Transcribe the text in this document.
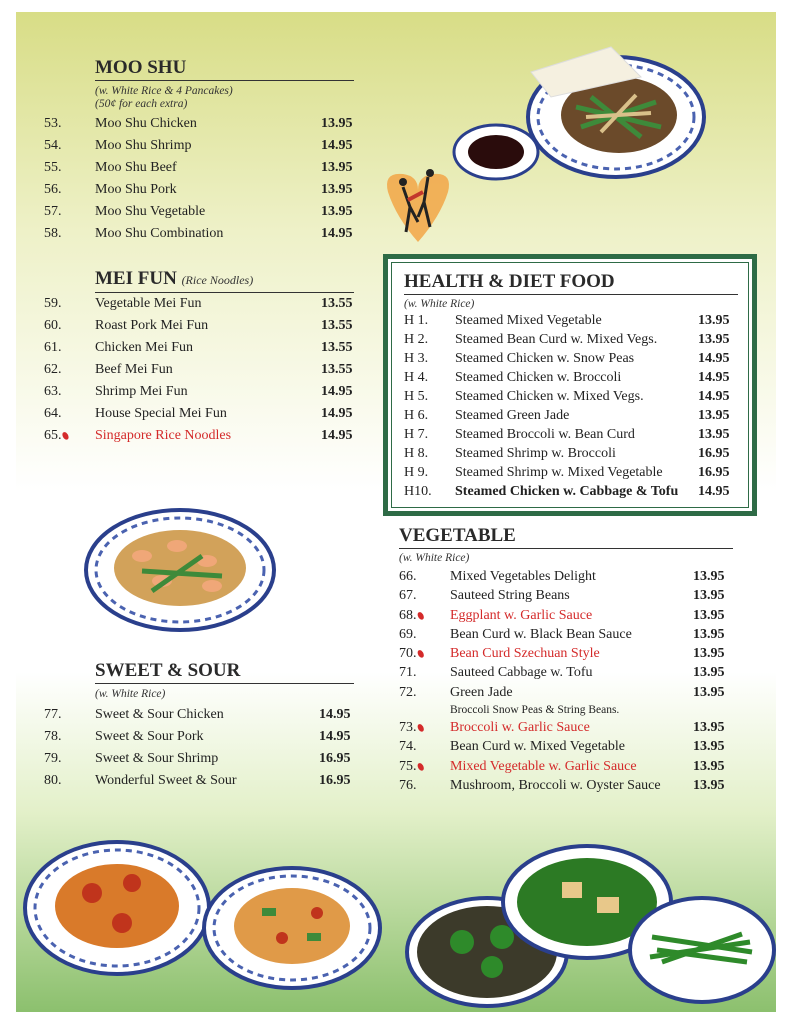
MOO SHU
(w. White Rice & 4 Pancakes)
(50¢ for each extra)
53. Moo Shu Chicken	13.95
54. Moo Shu Shrimp	14.95
55. Moo Shu Beef	13.95
56. Moo Shu Pork	13.95
57. Moo Shu Vegetable	13.95
58. Moo Shu Combination	14.95
MEI FUN (Rice Noodles)
59. Vegetable Mei Fun	13.55
60. Roast Pork Mei Fun	13.55
61. Chicken Mei Fun	13.55
62. Beef Mei Fun	13.55
63. Shrimp Mei Fun	14.95
64. House Special Mei Fun	14.95
65.⬮ Singapore Rice Noodles	14.95
SWEET & SOUR
(w. White Rice)
77. Sweet & Sour Chicken	14.95
78. Sweet & Sour Pork	14.95
79. Sweet & Sour Shrimp	16.95
80. Wonderful Sweet & Sour	16.95
HEALTH & DIET FOOD
(w. White Rice)
H 1. Steamed Mixed Vegetable	13.95
H 2. Steamed Bean Curd w. Mixed Vegs.	13.95
H 3. Steamed Chicken w. Snow Peas	14.95
H 4. Steamed Chicken w. Broccoli	14.95
H 5. Steamed Chicken w. Mixed Vegs.	14.95
H 6. Steamed Green Jade	13.95
H 7. Steamed Broccoli w. Bean Curd	13.95
H 8. Steamed Shrimp w. Broccoli	16.95
H 9. Steamed Shrimp w. Mixed Vegetable	16.95
H10. Steamed Chicken w. Cabbage & Tofu 14.95
VEGETABLE
(w. White Rice)
66. Mixed Vegetables Delight	13.95
67. Sauteed String Beans	13.95
68.⬮ Eggplant w. Garlic Sauce	13.95
69. Bean Curd w. Black Bean Sauce	13.95
70.⬮ Bean Curd Szechuan Style	13.95
71. Sauteed Cabbage w. Tofu	13.95
72. Green Jade	13.95
Broccoli Snow Peas & String Beans.
73.⬮ Broccoli w. Garlic Sauce	13.95
74. Bean Curd w. Mixed Vegetable	13.95
75.⬮ Mixed Vegetable w. Garlic Sauce	13.95
76. Mushroom, Broccoli w. Oyster Sauce 13.95
